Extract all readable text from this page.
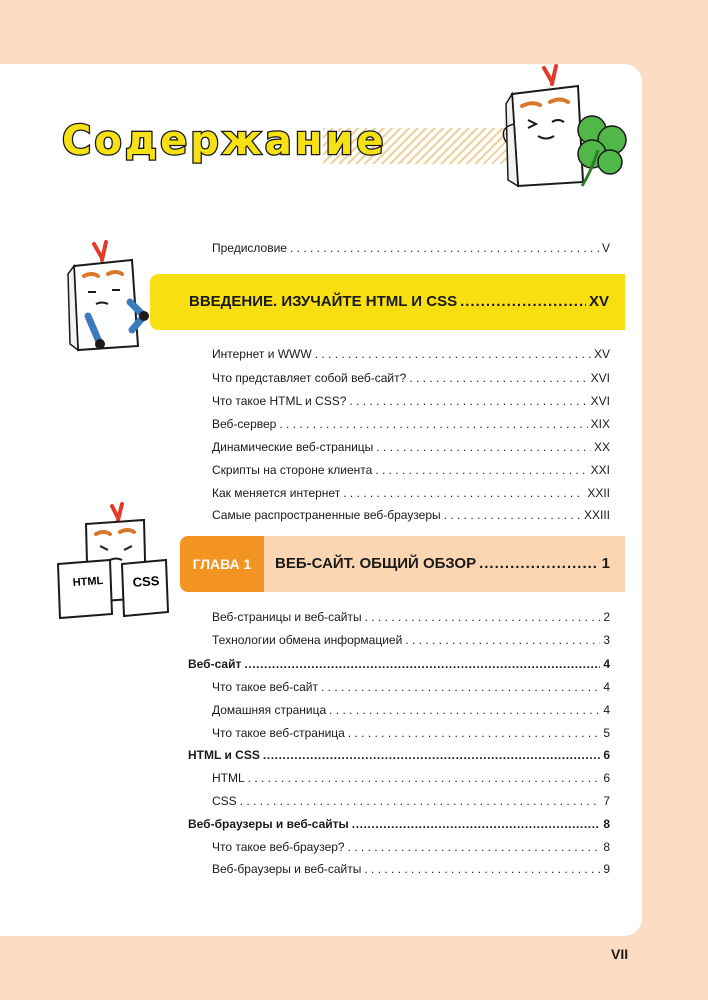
Содержание
HTML	CSS
Предисловие . . .	V
ВВЕДЕНИЕ. ИЗУЧАЙТЕ HTML И CSS .....	XV
Интернет и WWW . . .	XV
Что представляет собой веб-сайт? . . .	XVI
Что такое HTML и CSS? . . .	XVI
Веб-сервер . . .	XIX
Динамические веб-страницы . . .	XX
Скрипты на стороне клиента . . .	XXI
Как меняется интернет . . .	XXII
Самые распространенные веб-браузеры . . .	XXIII
ГЛАВА 1	ВЕБ-САЙТ. ОБЩИЙ ОБЗОР .....	1
Веб-страницы и веб-сайты . . .	2
Технологии обмена информацией . . .	3
Веб-сайт .....	4
Что такое веб-сайт . . .	4
Домашняя страница . . .	4
Что такое веб-страница . . .	5
HTML и CSS .....	6
HTML . . .	6
CSS . . .	7
Веб-браузеры и веб-сайты .....	8
Что такое веб-браузер? . . .	8
Веб-браузеры и веб-сайты . . .	9
VII
